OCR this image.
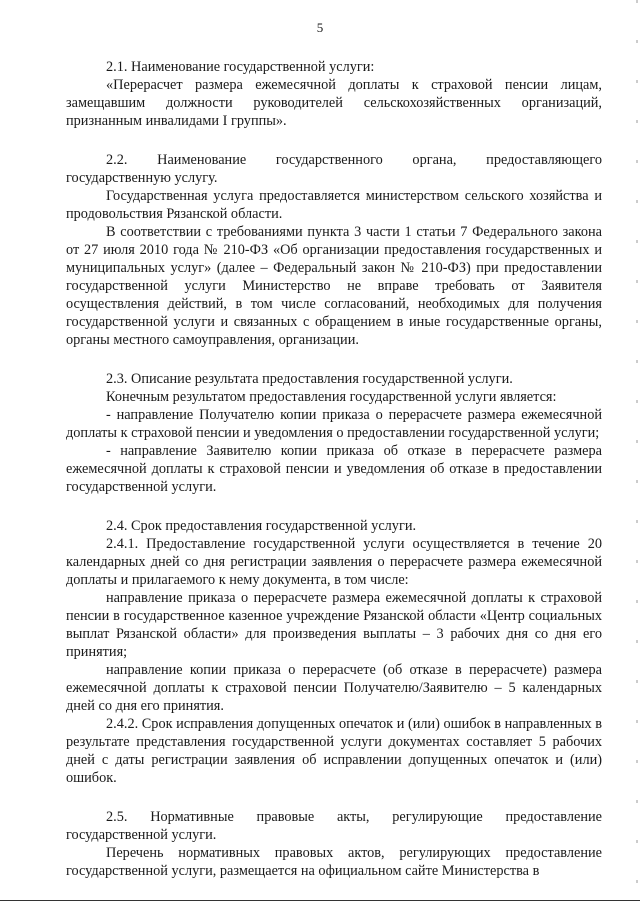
5

2.1. Наименование государственной услуги:

«Перерасчет размера ежемесячной доплаты к страховой пенсии лицам, замещавшим должности руководителей сельскохозяйственных организаций, признанным инвалидами I группы».

2.2. Наименование государственного органа, предоставляющего государственную услугу.

Государственная услуга предоставляется министерством сельского хозяйства и продовольствия Рязанской области.

В соответствии с требованиями пункта 3 части 1 статьи 7 Федерального закона от 27 июля 2010 года № 210-ФЗ «Об организации предоставления государственных и муниципальных услуг» (далее – Федеральный закон № 210-ФЗ) при предоставлении государственной услуги Министерство не вправе требовать от Заявителя осуществления действий, в том числе согласований, необходимых для получения государственной услуги и связанных с обращением в иные государственные органы, органы местного самоуправления, организации.

2.3. Описание результата предоставления государственной услуги.

Конечным результатом предоставления государственной услуги является:

- направление Получателю копии приказа о перерасчете размера ежемесячной доплаты к страховой пенсии и уведомления о предоставлении государственной услуги;

- направление Заявителю копии приказа об отказе в перерасчете размера ежемесячной доплаты к страховой пенсии и уведомления об отказе в предоставлении государственной услуги.

2.4. Срок предоставления государственной услуги.

2.4.1. Предоставление государственной услуги осуществляется в течение 20 календарных дней со дня регистрации заявления о перерасчете размера ежемесячной доплаты и прилагаемого к нему документа, в том числе:

направление приказа о перерасчете размера ежемесячной доплаты к страховой пенсии в государственное казенное учреждение Рязанской области «Центр социальных выплат Рязанской области» для произведения выплаты – 3 рабочих дня со дня его принятия;

направление копии приказа о перерасчете (об отказе в перерасчете) размера ежемесячной доплаты к страховой пенсии Получателю/Заявителю – 5 календарных дней со дня его принятия.

2.4.2. Срок исправления допущенных опечаток и (или) ошибок в направленных в результате представления государственной услуги документах составляет 5 рабочих дней с даты регистрации заявления об исправлении допущенных опечаток и (или) ошибок.

2.5. Нормативные правовые акты, регулирующие предоставление государственной услуги.

Перечень нормативных правовых актов, регулирующих предоставление государственной услуги, размещается на официальном сайте Министерства в
